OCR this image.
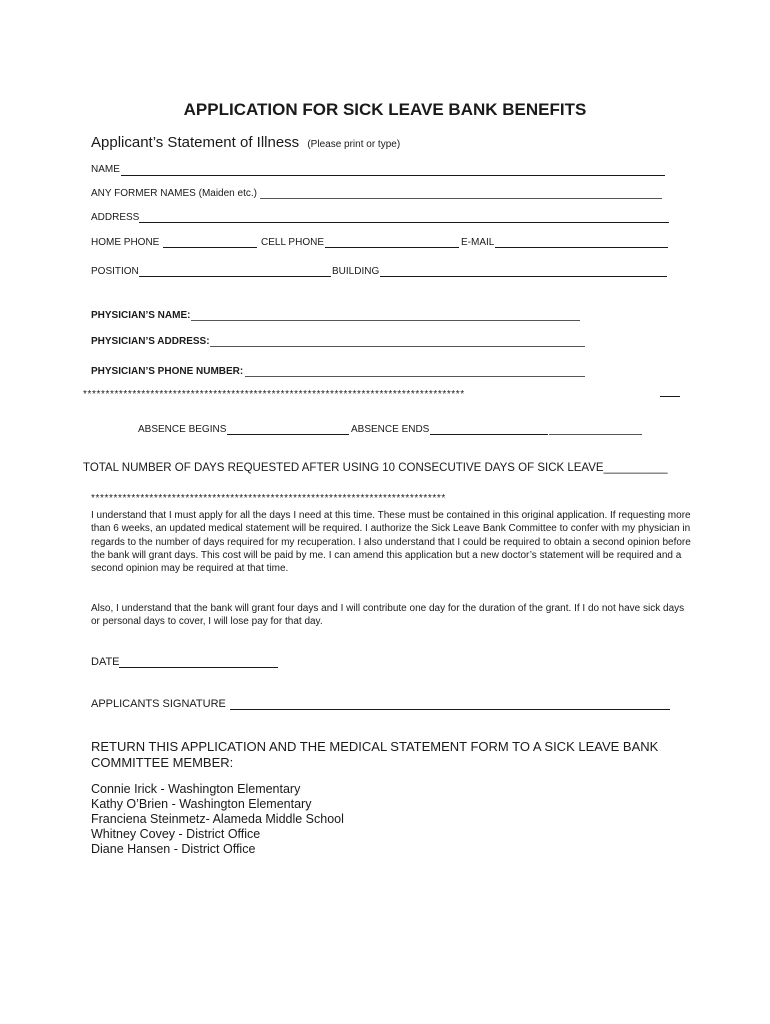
APPLICATION FOR SICK LEAVE BANK BENEFITS
Applicant’s Statement of Illness (Please print or type)
NAME
ANY FORMER NAMES (Maiden etc.)
ADDRESS
HOME PHONE	CELL PHONE	E-MAIL
POSITION	BUILDING
PHYSICIAN’S NAME:
PHYSICIAN’S ADDRESS:
PHYSICIAN’S PHONE NUMBER:
*************************************************************************************
ABSENCE BEGINS	ABSENCE ENDS
TOTAL NUMBER OF DAYS REQUESTED AFTER USING 10 CONSECUTIVE DAYS OF SICK LEAVE__________
*******************************************************************************
I understand that I must apply for all the days I need at this time. These must be contained in this original application. If requesting more than 6 weeks, an updated medical statement will be required. I authorize the Sick Leave Bank Committee to confer with my physician in regards to the number of days required for my recuperation. I also understand that I could be required to obtain a second opinion before the bank will grant days. This cost will be paid by me. I can amend this application but a new doctor’s statement will be required and a second opinion may be required at that time.
Also, I understand that the bank will grant four days and I will contribute one day for the duration of the grant. If I do not have sick days or personal days to cover, I will lose pay for that day.
DATE
APPLICANTS SIGNATURE
RETURN THIS APPLICATION AND THE MEDICAL STATEMENT FORM TO A SICK LEAVE BANK COMMITTEE MEMBER:
Connie Irick - Washington Elementary
Kathy O’Brien - Washington Elementary
Franciena Steinmetz- Alameda Middle School
Whitney Covey - District Office
Diane Hansen - District Office
